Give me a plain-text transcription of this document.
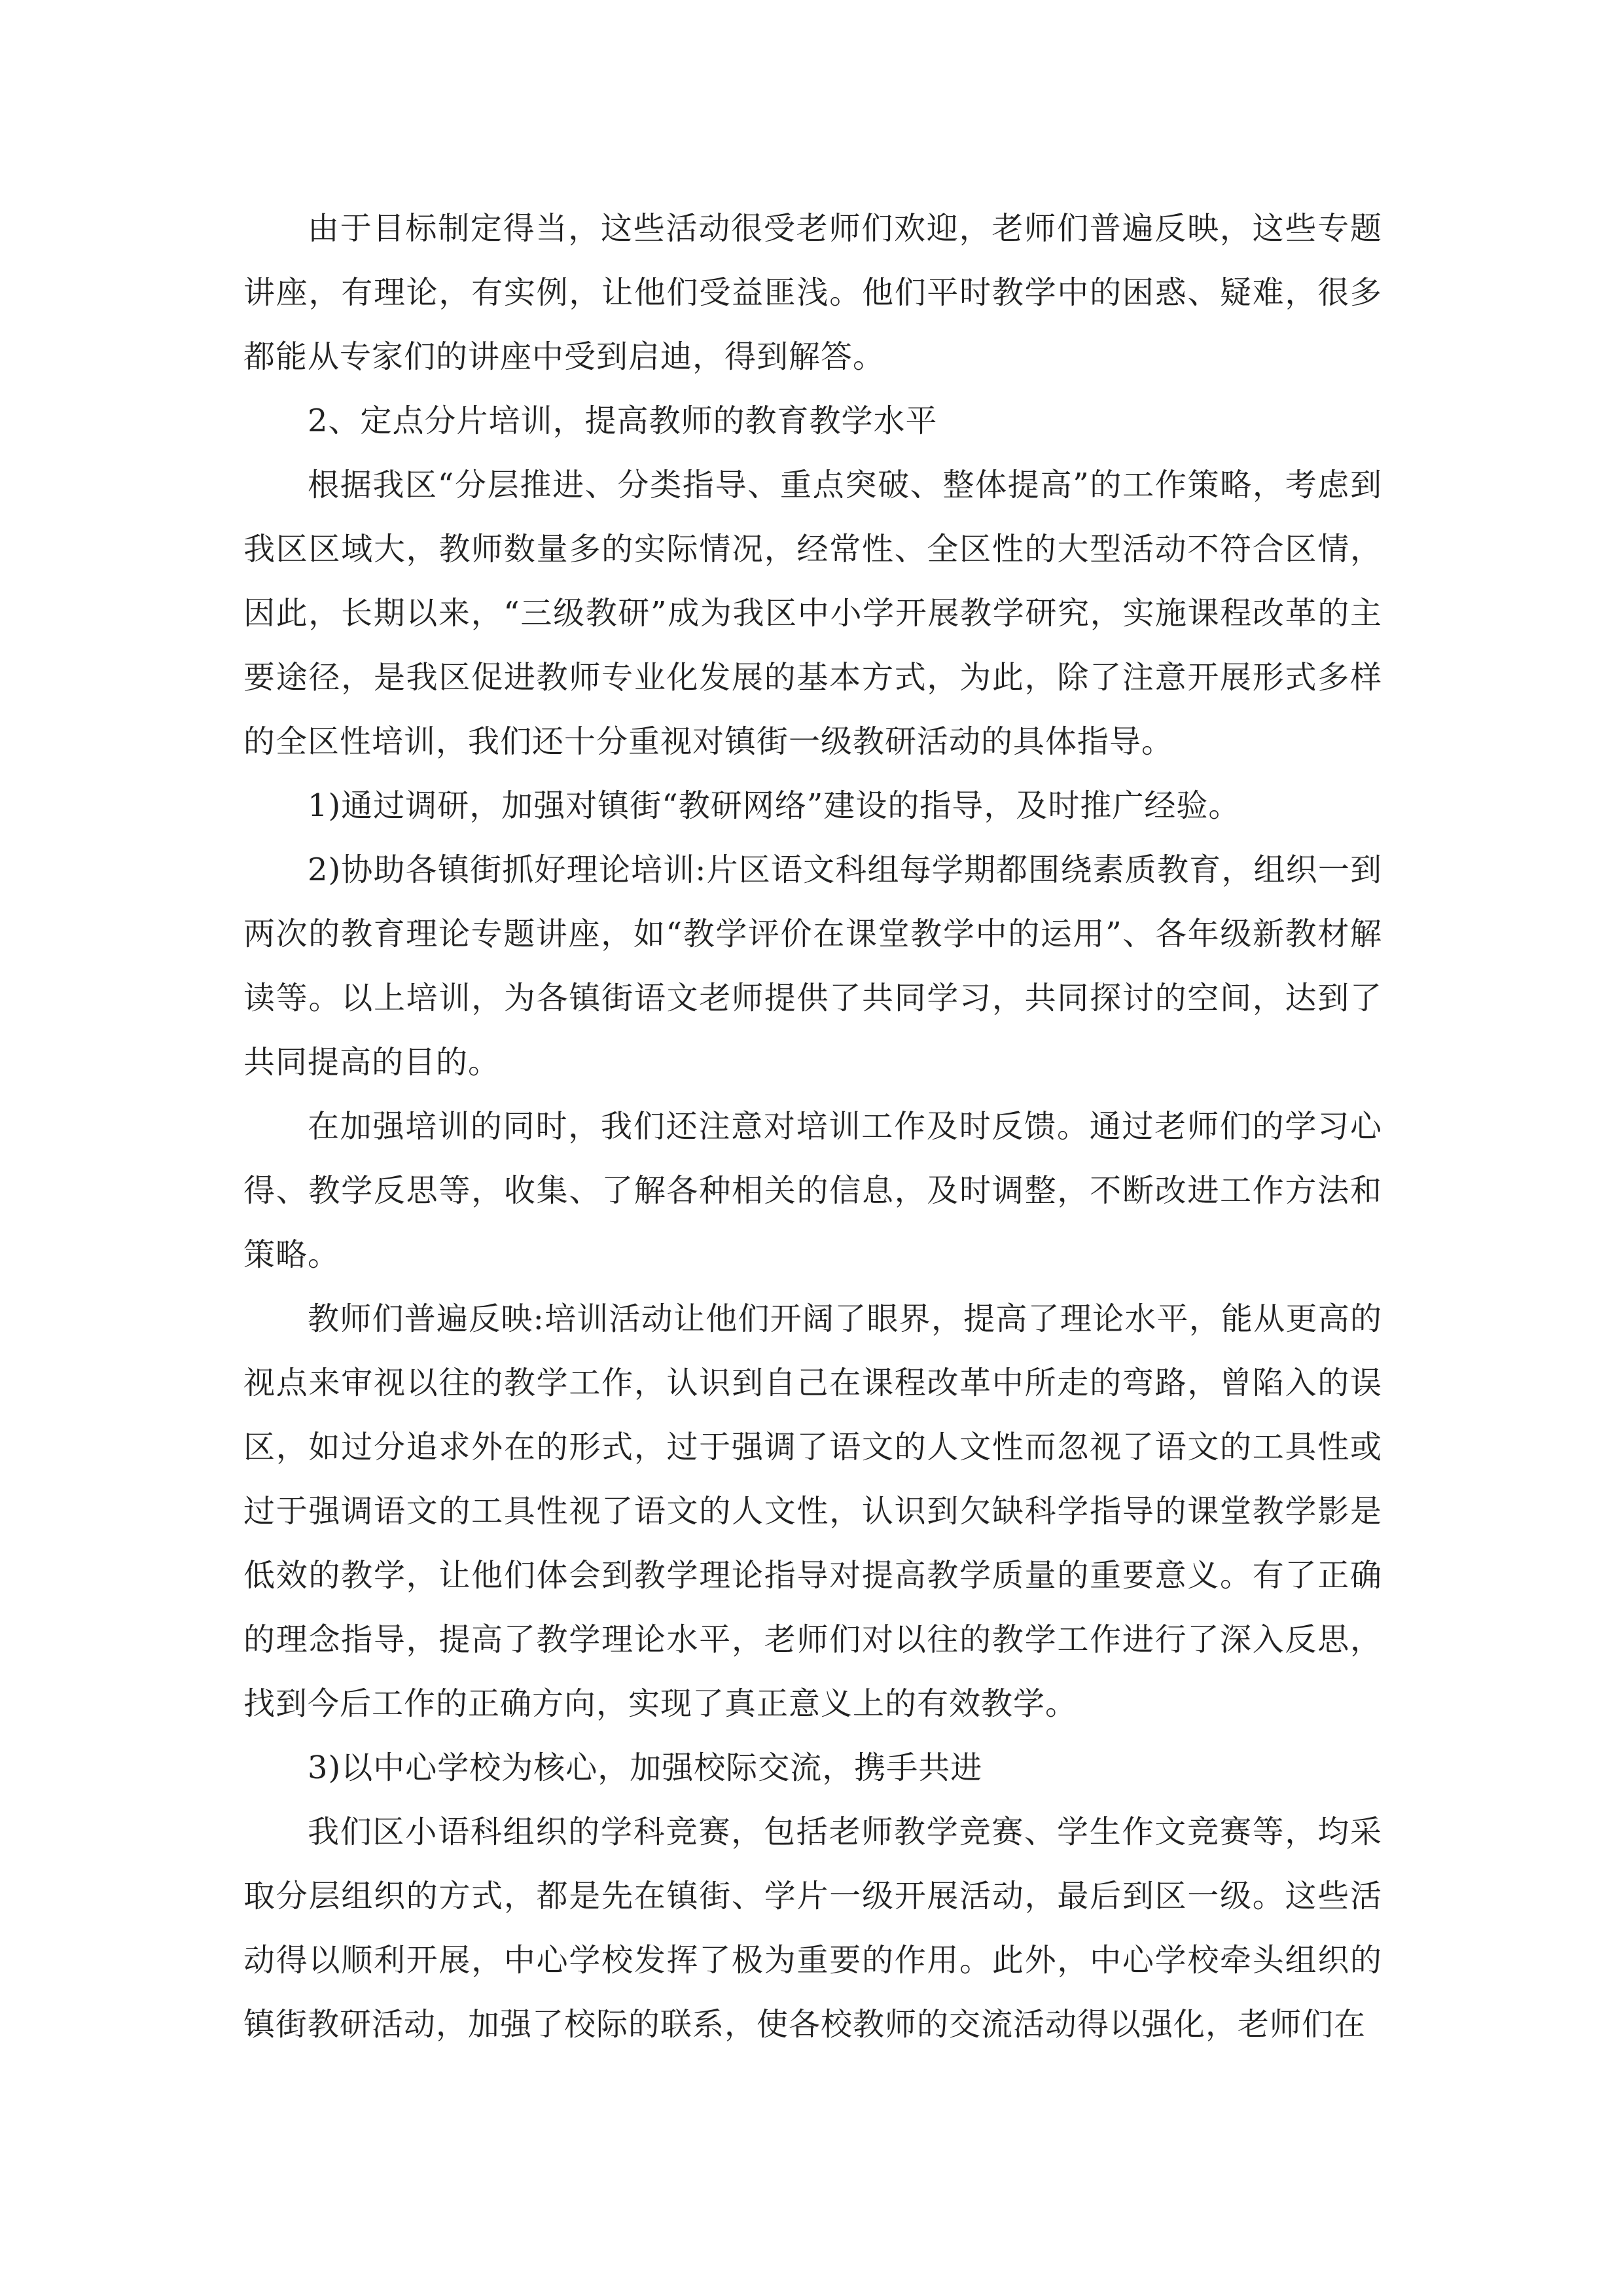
由于目标制定得当，这些活动很受老师们欢迎，老师们普遍反映，这些专题讲座，有理论，有实例，让他们受益匪浅。他们平时教学中的困惑、疑难，很多都能从专家们的讲座中受到启迪，得到解答。

2、定点分片培训，提高教师的教育教学水平

根据我区“分层推进、分类指导、重点突破、整体提高”的工作策略，考虑到我区区域大，教师数量多的实际情况，经常性、全区性的大型活动不符合区情，因此，长期以来，“三级教研”成为我区中小学开展教学研究，实施课程改革的主要途径，是我区促进教师专业化发展的基本方式，为此，除了注意开展形式多样的全区性培训，我们还十分重视对镇街一级教研活动的具体指导。

1)通过调研，加强对镇街“教研网络”建设的指导，及时推广经验。

2)协助各镇街抓好理论培训:片区语文科组每学期都围绕素质教育，组织一到两次的教育理论专题讲座，如“教学评价在课堂教学中的运用”、各年级新教材解读等。以上培训，为各镇街语文老师提供了共同学习，共同探讨的空间，达到了共同提高的目的。

在加强培训的同时，我们还注意对培训工作及时反馈。通过老师们的学习心得、教学反思等，收集、了解各种相关的信息，及时调整，不断改进工作方法和策略。

教师们普遍反映:培训活动让他们开阔了眼界，提高了理论水平，能从更高的视点来审视以往的教学工作，认识到自己在课程改革中所走的弯路，曾陷入的误区，如过分追求外在的形式，过于强调了语文的人文性而忽视了语文的工具性或过于强调语文的工具性视了语文的人文性，认识到欠缺科学指导的课堂教学影是低效的教学，让他们体会到教学理论指导对提高教学质量的重要意义。有了正确的理念指导，提高了教学理论水平，老师们对以往的教学工作进行了深入反思，找到今后工作的正确方向，实现了真正意义上的有效教学。

3)以中心学校为核心，加强校际交流，携手共进

我们区小语科组织的学科竞赛，包括老师教学竞赛、学生作文竞赛等，均采取分层组织的方式，都是先在镇街、学片一级开展活动，最后到区一级。这些活动得以顺利开展，中心学校发挥了极为重要的作用。此外，中心学校牵头组织的镇街教研活动，加强了校际的联系，使各校教师的交流活动得以强化，老师们在
